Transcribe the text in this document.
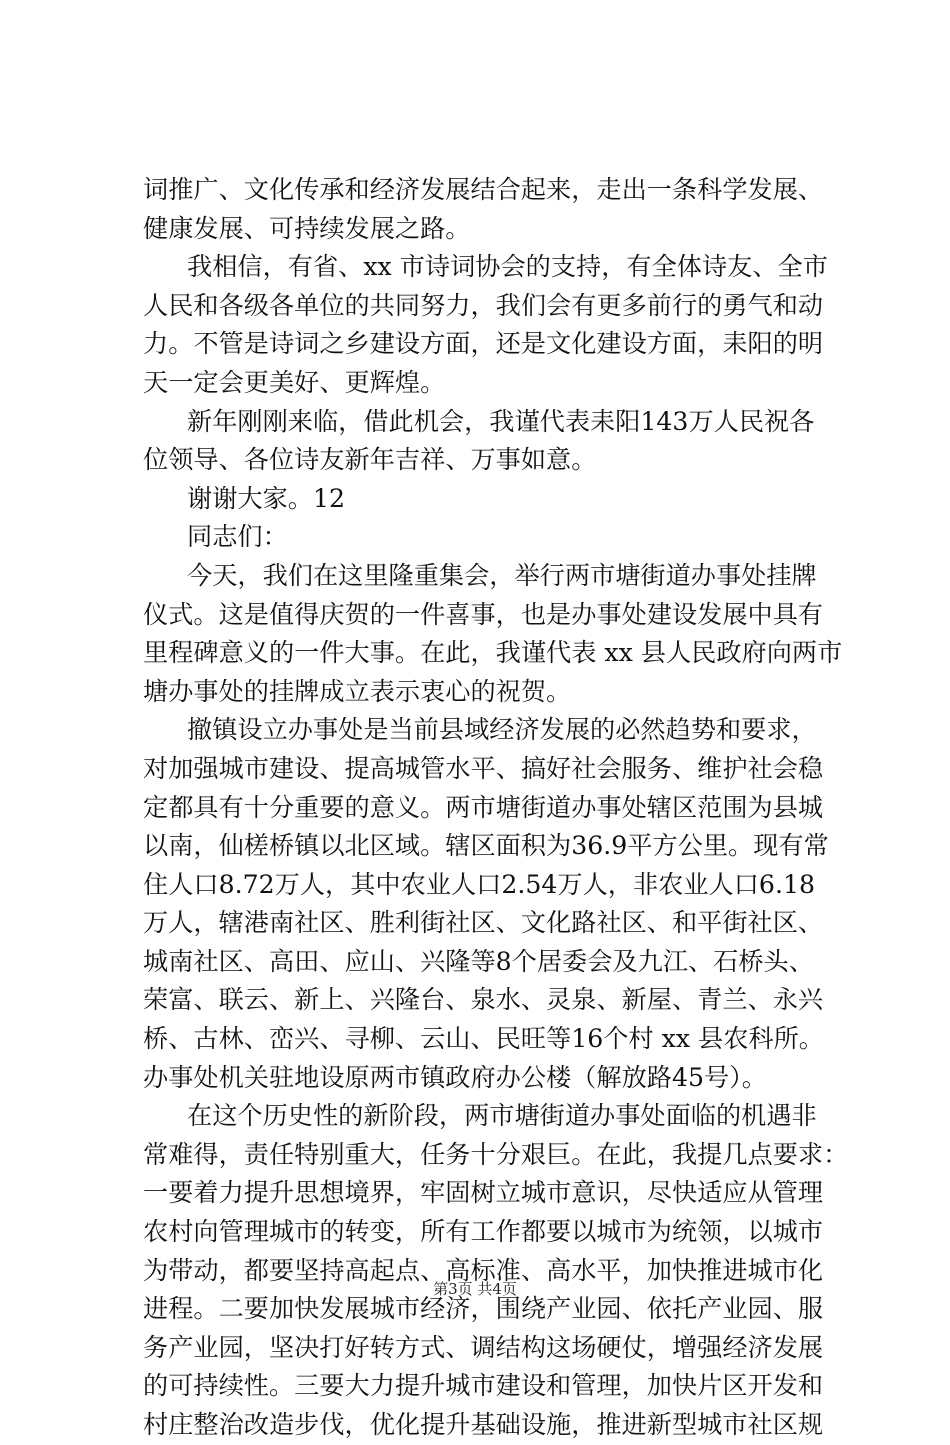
词推广、文化传承和经济发展结合起来，走出一条科学发展、
健康发展、可持续发展之路。
我相信，有省、xx 市诗词协会的支持，有全体诗友、全市
人民和各级各单位的共同努力，我们会有更多前行的勇气和动
力。不管是诗词之乡建设方面，还是文化建设方面，耒阳的明
天一定会更美好、更辉煌。
新年刚刚来临，借此机会，我谨代表耒阳143万人民祝各
位领导、各位诗友新年吉祥、万事如意。
谢谢大家。12
同志们：
今天，我们在这里隆重集会，举行两市塘街道办事处挂牌
仪式。这是值得庆贺的一件喜事，也是办事处建设发展中具有
里程碑意义的一件大事。在此，我谨代表 xx 县人民政府向两市
塘办事处的挂牌成立表示衷心的祝贺。
撤镇设立办事处是当前县域经济发展的必然趋势和要求，
对加强城市建设、提高城管水平、搞好社会服务、维护社会稳
定都具有十分重要的意义。两市塘街道办事处辖区范围为县城
以南，仙槎桥镇以北区域。辖区面积为36.9平方公里。现有常
住人口8.72万人，其中农业人口2.54万人，非农业人口6.18
万人，辖港南社区、胜利街社区、文化路社区、和平街社区、
城南社区、高田、应山、兴隆等8个居委会及九江、石桥头、
荣富、联云、新上、兴隆台、泉水、灵泉、新屋、青兰、永兴
桥、古林、峦兴、寻柳、云山、民旺等16个村 xx 县农科所。
办事处机关驻地设原两市镇政府办公楼（解放路45号）。
在这个历史性的新阶段，两市塘街道办事处面临的机遇非
常难得，责任特别重大，任务十分艰巨。在此，我提几点要求：
一要着力提升思想境界，牢固树立城市意识，尽快适应从管理
农村向管理城市的转变，所有工作都要以城市为统领，以城市
为带动，都要坚持高起点、高标准、高水平，加快推进城市化
进程。二要加快发展城市经济，围绕产业园、依托产业园、服
务产业园，坚决打好转方式、调结构这场硬仗，增强经济发展
的可持续性。三要大力提升城市建设和管理，加快片区开发和
村庄整治改造步伐，优化提升基础设施，推进新型城市社区规
第3页 共4页
